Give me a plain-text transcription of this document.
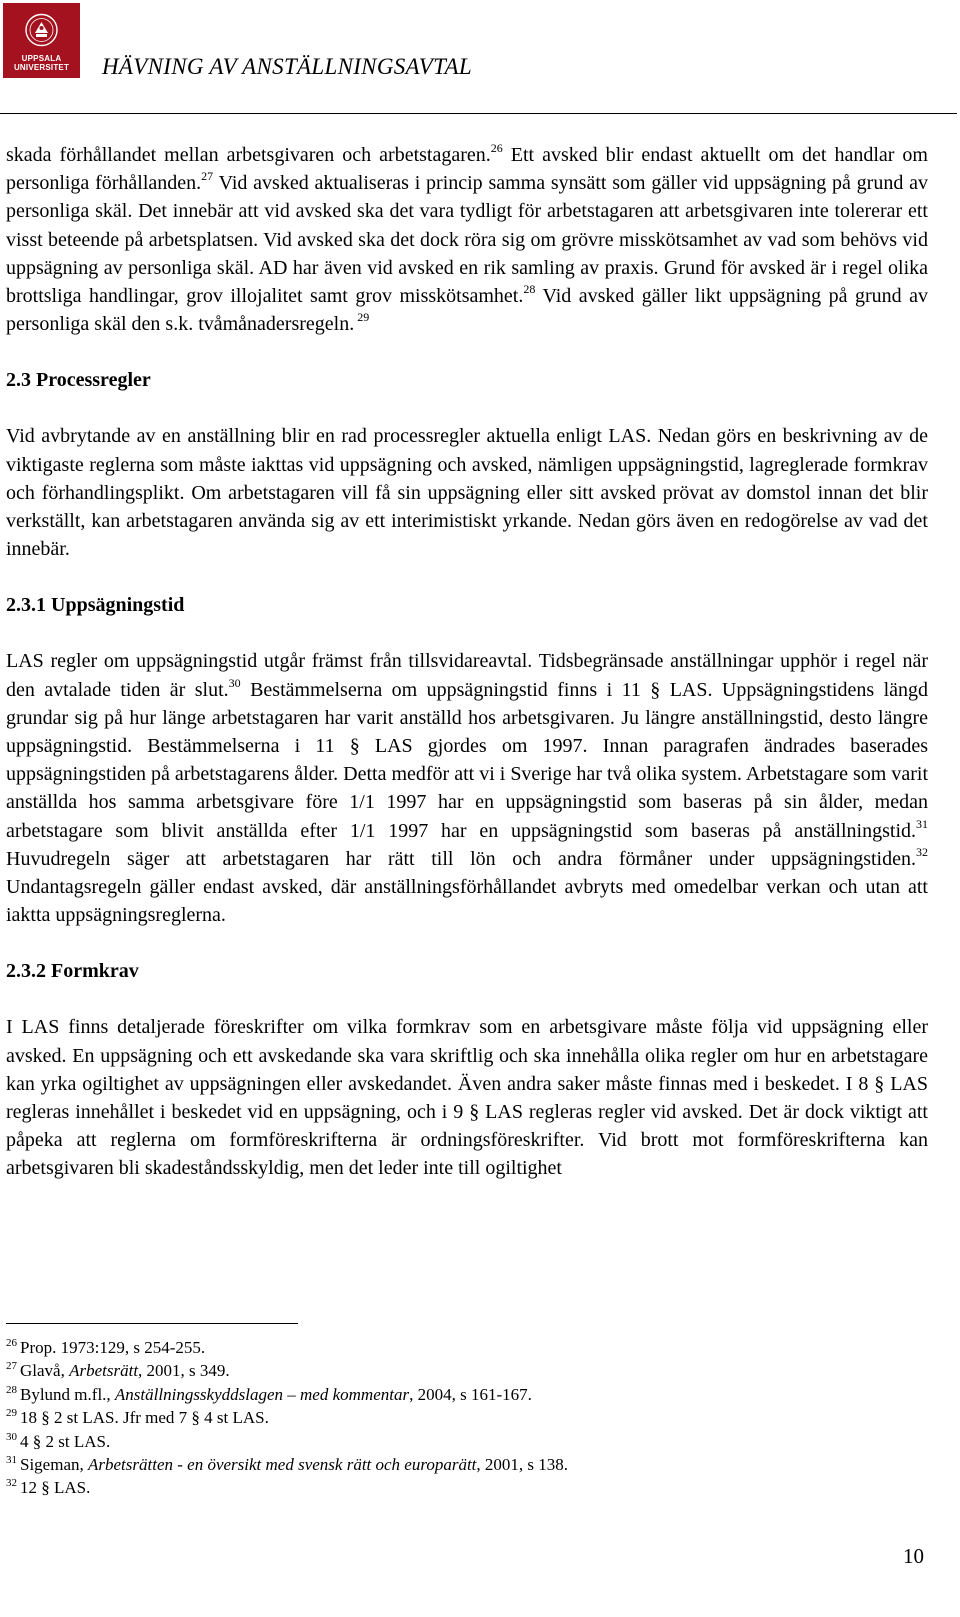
UPPSALA
UNIVERSITET	HÄVNING AV ANSTÄLLNINGSAVTAL

skada förhållandet mellan arbetsgivaren och arbetstagaren.$^{26}$ Ett avsked blir endast aktuellt om det handlar om personliga förhållanden.$^{27}$ Vid avsked aktualiseras i princip samma synsätt som gäller vid uppsägning på grund av personliga skäl. Det innebär att vid avsked ska det vara tydligt för arbetstagaren att arbetsgivaren inte tolererar ett visst beteende på arbetsplatsen. Vid avsked ska det dock röra sig om grövre misskötsamhet av vad som behövs vid uppsägning av personliga skäl. AD har även vid avsked en rik samling av praxis. Grund för avsked är i regel olika brottsliga handlingar, grov illojalitet samt grov misskötsamhet.$^{28}$ Vid avsked gäller likt uppsägning på grund av personliga skäl den s.k. tvåmånadersregeln. $^{29}$

2.3 Processregler

Vid avbrytande av en anställning blir en rad processregler aktuella enligt LAS. Nedan görs en beskrivning av de viktigaste reglerna som måste iakttas vid uppsägning och avsked, nämligen uppsägningstid, lagreglerade formkrav och förhandlingsplikt. Om arbetstagaren vill få sin uppsägning eller sitt avsked prövat av domstol innan det blir verkställt, kan arbetstagaren använda sig av ett interimistiskt yrkande. Nedan görs även en redogörelse av vad det innebär.

2.3.1 Uppsägningstid

LAS regler om uppsägningstid utgår främst från tillsvidareavtal. Tidsbegränsade anställningar upphör i regel när den avtalade tiden är slut.$^{30}$ Bestämmelserna om uppsägningstid finns i 11 § LAS. Uppsägningstidens längd grundar sig på hur länge arbetstagaren har varit anställd hos arbetsgivaren. Ju längre anställningstid, desto längre uppsägningstid. Bestämmelserna i 11 § LAS gjordes om 1997. Innan paragrafen ändrades baserades uppsägningstiden på arbetstagarens ålder. Detta medför att vi i Sverige har två olika system. Arbetstagare som varit anställda hos samma arbetsgivare före 1/1 1997 har en uppsägningstid som baseras på sin ålder, medan arbetstagare som blivit anställda efter 1/1 1997 har en uppsägningstid som baseras på anställningstid.$^{31}$ Huvudregeln säger att arbetstagaren har rätt till lön och andra förmåner under uppsägningstiden.$^{32}$ Undantagsregeln gäller endast avsked, där anställningsförhållandet avbryts med omedelbar verkan och utan att iaktta uppsägningsreglerna.

2.3.2 Formkrav

I LAS finns detaljerade föreskrifter om vilka formkrav som en arbetsgivare måste följa vid uppsägning eller avsked. En uppsägning och ett avskedande ska vara skriftlig och ska innehålla olika regler om hur en arbetstagare kan yrka ogiltighet av uppsägningen eller avskedandet. Även andra saker måste finnas med i beskedet. I 8 § LAS regleras innehållet i beskedet vid en uppsägning, och i 9 § LAS regleras regler vid avsked. Det är dock viktigt att påpeka att reglerna om formföreskrifterna är ordningsföreskrifter. Vid brott mot formföreskrifterna kan arbetsgivaren bli skadeståndsskyldig, men det leder inte till ogiltighet

$^{26}$ Prop. 1973:129, s 254-255.
$^{27}$ Glavå, Arbetsrätt, 2001, s 349.
$^{28}$ Bylund m.fl., Anställningsskyddslagen – med kommentar, 2004, s 161-167.
$^{29}$ 18 § 2 st LAS. Jfr med 7 § 4 st LAS.
$^{30}$ 4 § 2 st LAS.
$^{31}$ Sigeman, Arbetsrätten - en översikt med svensk rätt och europarätt, 2001, s 138.
$^{32}$ 12 § LAS.
10
